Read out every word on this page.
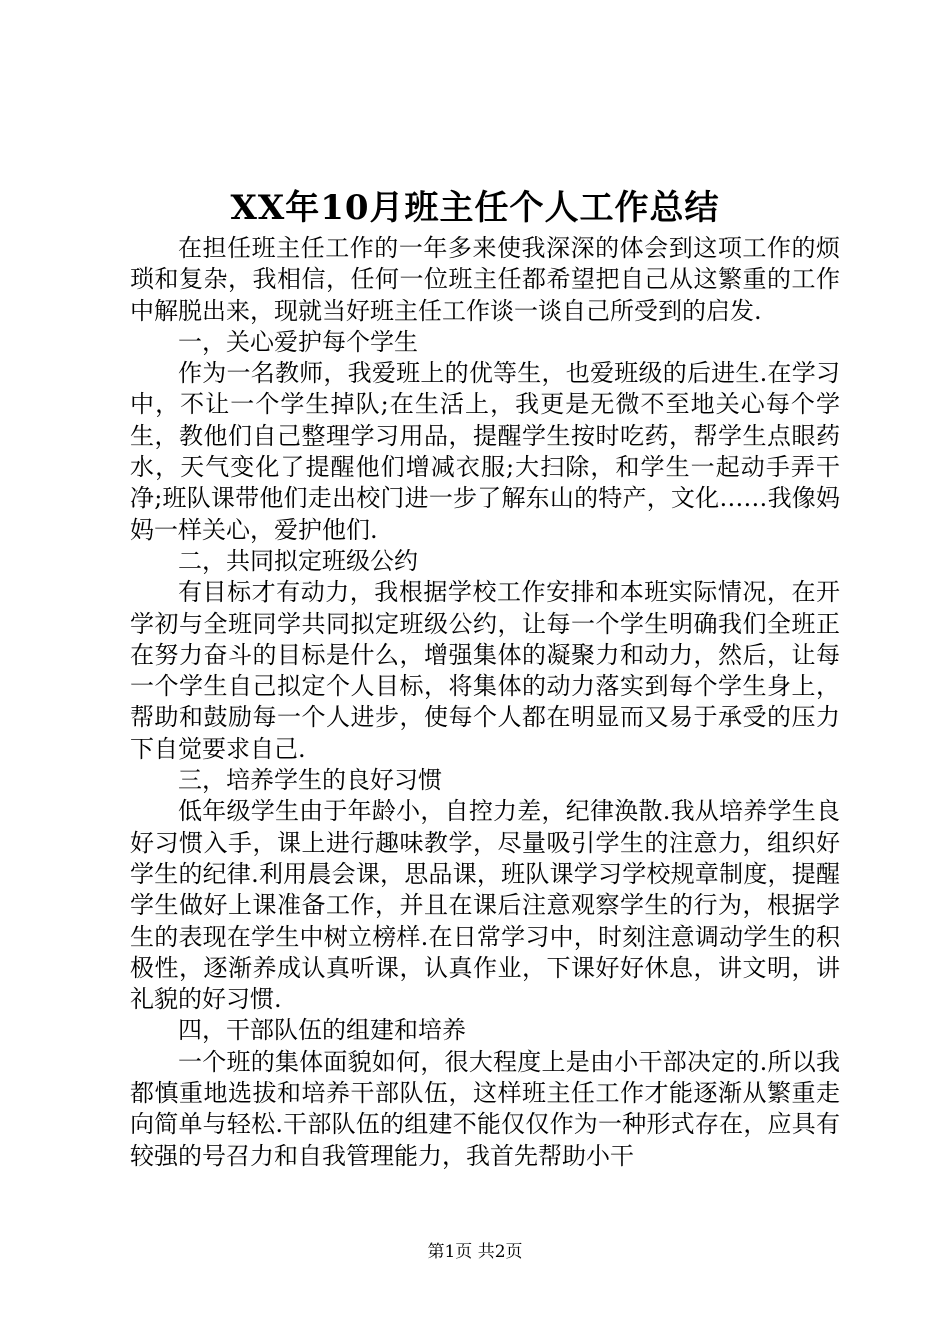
XX年10月班主任个人工作总结

在担任班主任工作的一年多来使我深深的体会到这项工作的烦琐和复杂，我相信，任何一位班主任都希望把自己从这繁重的工作中解脱出来，现就当好班主任工作谈一谈自己所受到的启发.

一，关心爱护每个学生

作为一名教师，我爱班上的优等生，也爱班级的后进生.在学习中，不让一个学生掉队;在生活上，我更是无微不至地关心每个学生，教他们自己整理学习用品，提醒学生按时吃药，帮学生点眼药水，天气变化了提醒他们增减衣服;大扫除，和学生一起动手弄干净;班队课带他们走出校门进一步了解东山的特产，文化……我像妈妈一样关心，爱护他们.

二，共同拟定班级公约

有目标才有动力，我根据学校工作安排和本班实际情况，在开学初与全班同学共同拟定班级公约，让每一个学生明确我们全班正在努力奋斗的目标是什么，增强集体的凝聚力和动力，然后，让每一个学生自己拟定个人目标，将集体的动力落实到每个学生身上，帮助和鼓励每一个人进步，使每个人都在明显而又易于承受的压力下自觉要求自己.

三，培养学生的良好习惯

低年级学生由于年龄小，自控力差，纪律涣散.我从培养学生良好习惯入手，课上进行趣味教学，尽量吸引学生的注意力，组织好学生的纪律.利用晨会课，思品课，班队课学习学校规章制度，提醒学生做好上课准备工作，并且在课后注意观察学生的行为，根据学生的表现在学生中树立榜样.在日常学习中，时刻注意调动学生的积极性，逐渐养成认真听课，认真作业，下课好好休息，讲文明，讲礼貌的好习惯.

四，干部队伍的组建和培养

一个班的集体面貌如何，很大程度上是由小干部决定的.所以我都慎重地选拔和培养干部队伍，这样班主任工作才能逐渐从繁重走向简单与轻松.干部队伍的组建不能仅仅作为一种形式存在，应具有较强的号召力和自我管理能力，我首先帮助小干

第1页 共2页
